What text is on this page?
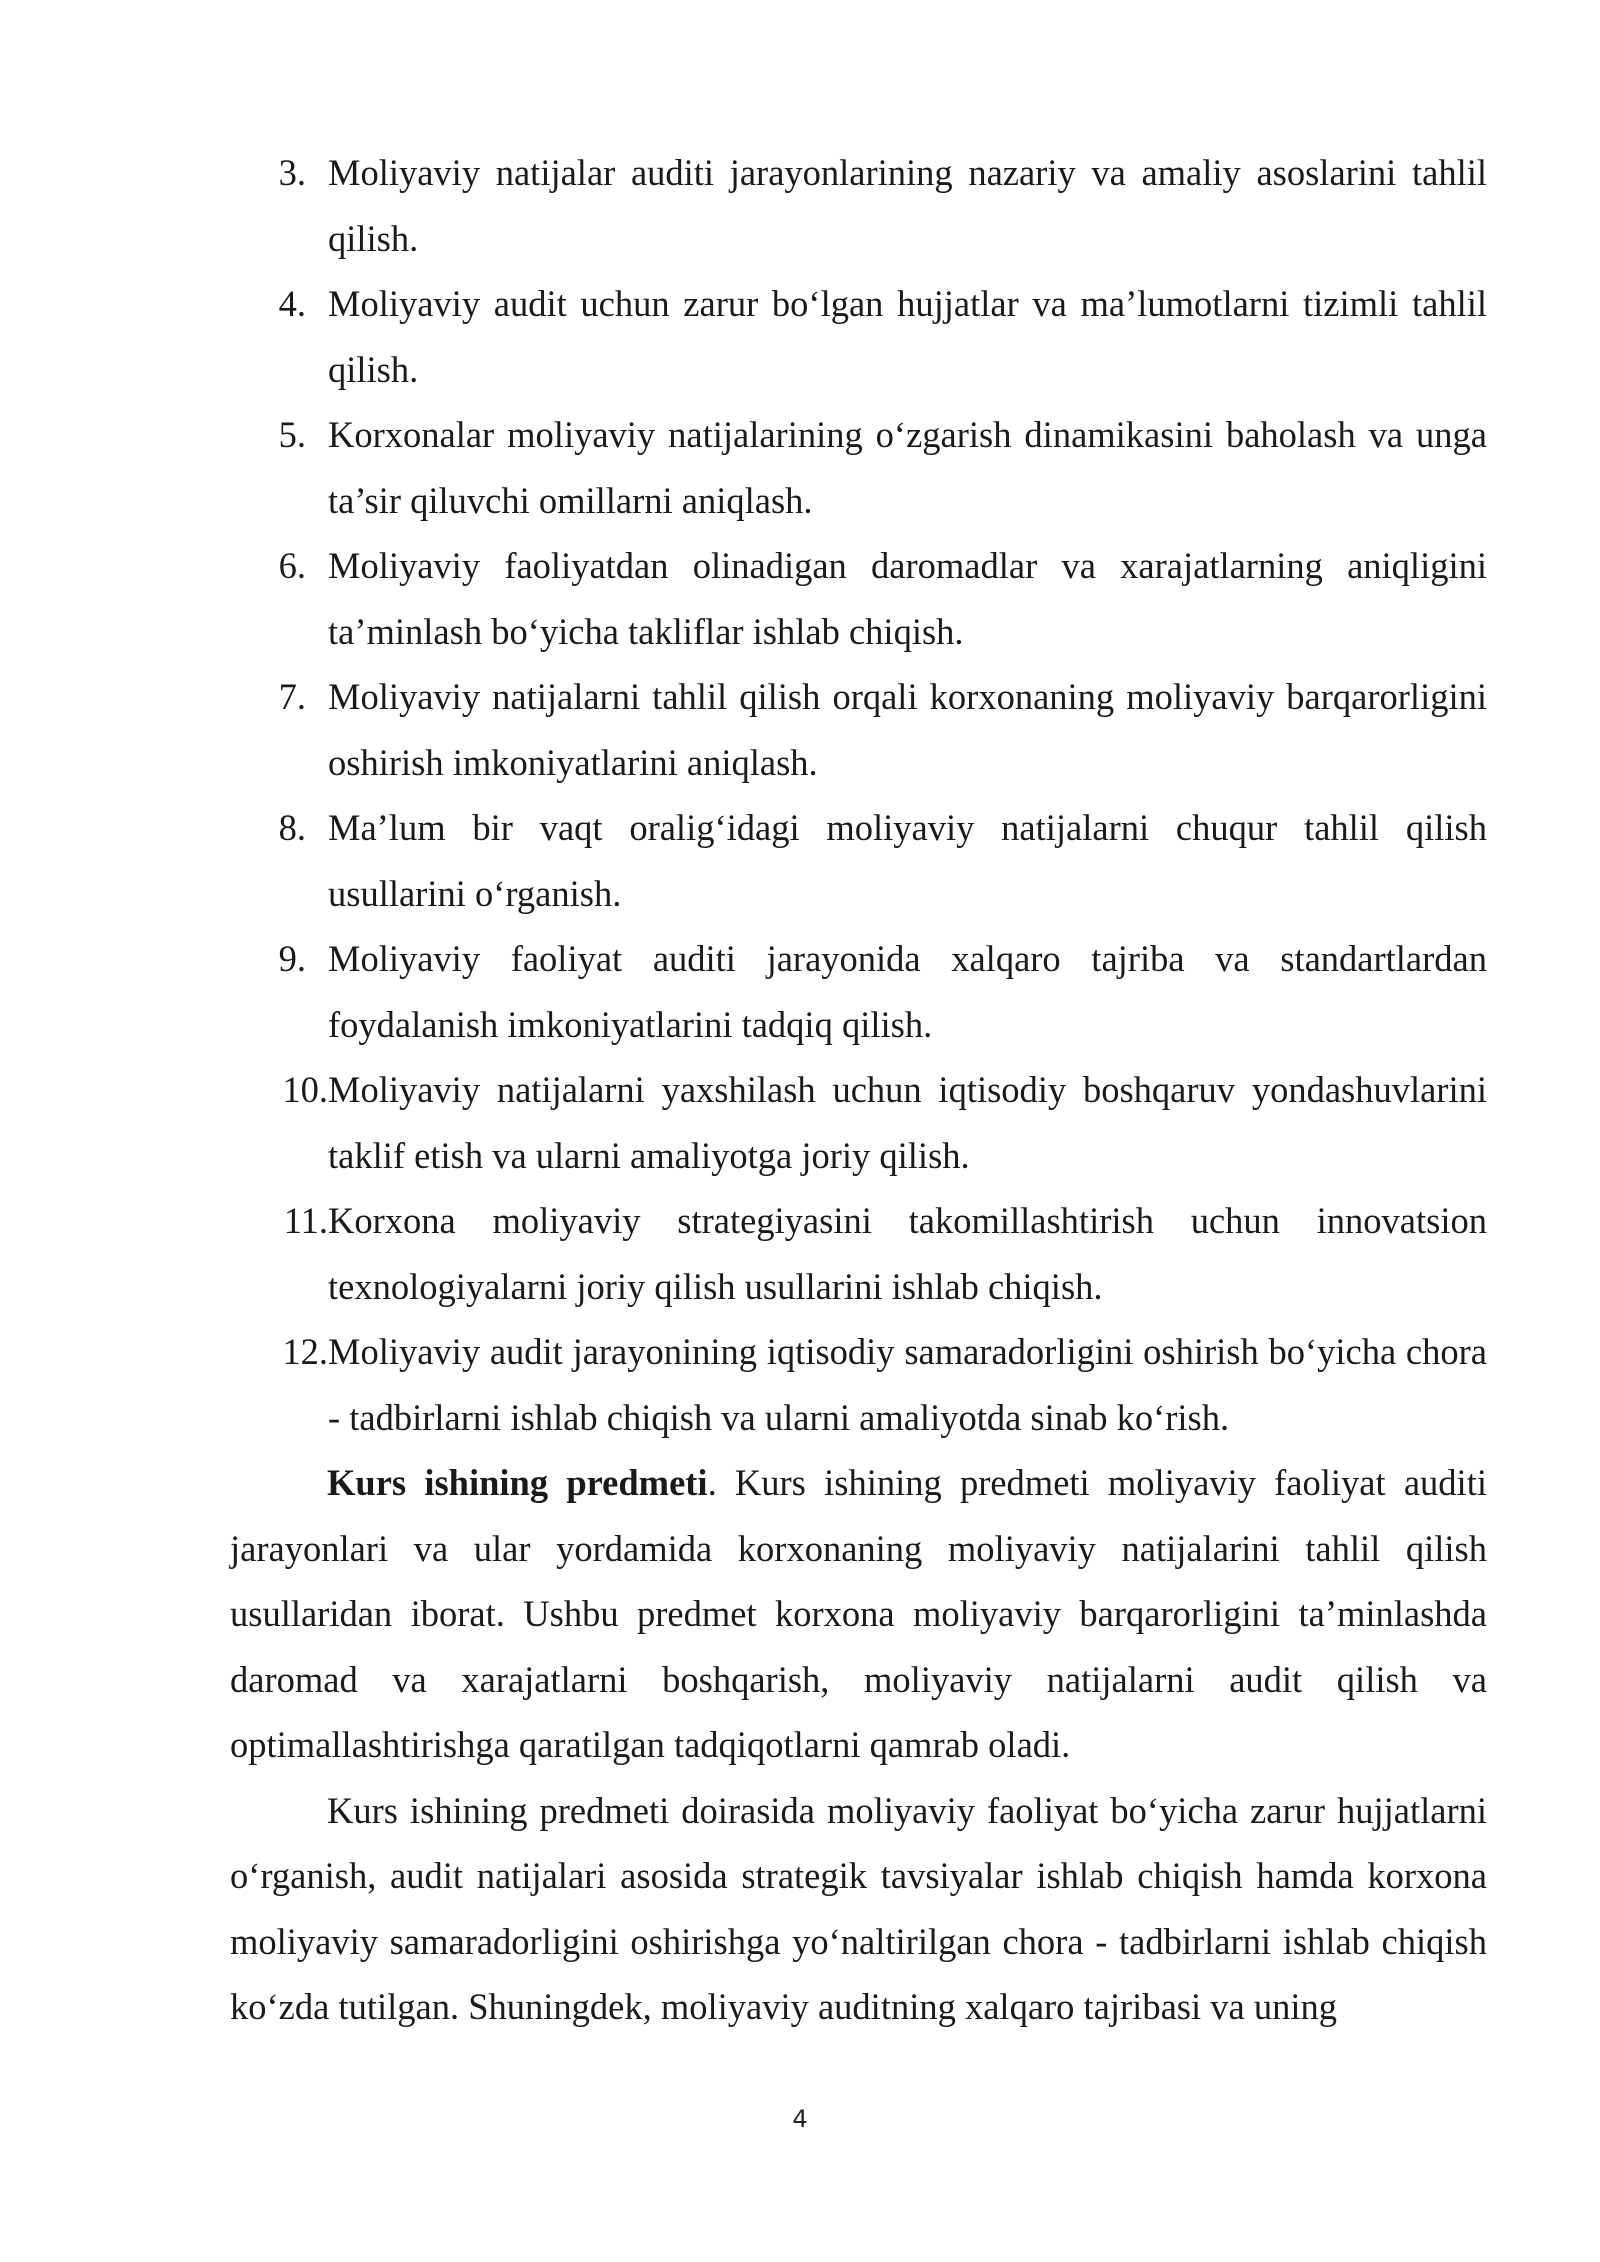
3. Moliyaviy natijalar auditi jarayonlarining nazariy va amaliy asoslarini tahlil qilish.
4. Moliyaviy audit uchun zarur bo‘lgan hujjatlar va ma’lumotlarni tizimli tahlil qilish.
5. Korxonalar moliyaviy natijalarining o‘zgarish dinamikasini baholash va unga ta’sir qiluvchi omillarni aniqlash.
6. Moliyaviy faoliyatdan olinadigan daromadlar va xarajatlarning aniqligini ta’minlash bo‘yicha takliflar ishlab chiqish.
7. Moliyaviy natijalarni tahlil qilish orqali korxonaning moliyaviy barqarorligini oshirish imkoniyatlarini aniqlash.
8. Ma’lum bir vaqt oralig‘idagi moliyaviy natijalarni chuqur tahlil qilish usullarini o‘rganish.
9. Moliyaviy faoliyat auditi jarayonida xalqaro tajriba va standartlardan foydalanish imkoniyatlarini tadqiq qilish.
10. Moliyaviy natijalarni yaxshilash uchun iqtisodiy boshqaruv yondashuvlarini taklif etish va ularni amaliyotga joriy qilish.
11. Korxona moliyaviy strategiyasini takomillashtirish uchun innovatsion texnologiyalarni joriy qilish usullarini ishlab chiqish.
12. Moliyaviy audit jarayonining iqtisodiy samaradorligini oshirish bo‘yicha chora - tadbirlarni ishlab chiqish va ularni amaliyotda sinab ko‘rish.

Kurs ishining predmeti. Kurs ishining predmeti moliyaviy faoliyat auditi jarayonlari va ular yordamida korxonaning moliyaviy natijalarini tahlil qilish usullaridan iborat. Ushbu predmet korxona moliyaviy barqarorligini ta’minlashda daromad va xarajatlarni boshqarish, moliyaviy natijalarni audit qilish va optimallashtirishga qaratilgan tadqiqotlarni qamrab oladi.

Kurs ishining predmeti doirasida moliyaviy faoliyat bo‘yicha zarur hujjatlarni o‘rganish, audit natijalari asosida strategik tavsiyalar ishlab chiqish hamda korxona moliyaviy samaradorligini oshirishga yo‘naltirilgan chora - tadbirlarni ishlab chiqish ko‘zda tutilgan. Shuningdek, moliyaviy auditning xalqaro tajribasi va uning

4
